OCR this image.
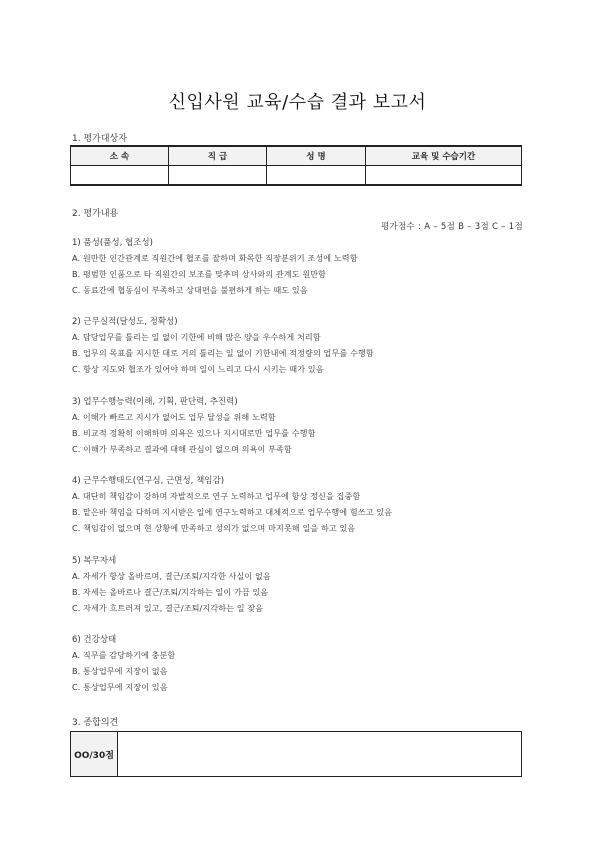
신입사원 교육/수습 결과 보고서
1. 평가대상자
소 속	직 급	성 명	교육 및 수습기간

2. 평가내용
평가점수 : A – 5점 B – 3점 C – 1점
1) 품성(품성, 협조성)
A. 원만한 인간관계로 직원간에 협조를 잘하며 화목한 직장분위기 조성에 노력함
B. 평범한 인품으로 타 직원간의 보조를 맞추며 상사와의 관계도 원만함
C. 동료간에 협동심이 부족하고 상대편을 불편하게 하는 때도 있음
2) 근무실적(달성도, 정확성)
A. 담당업무를 틀리는 일 없이 기한에 비해 많은 양을 우수하게 처리함
B. 업무의 목표를 지시한 대로 거의 틀리는 일 없이 기한내에 적정량의 업무를 수행함
C. 항상 지도와 협조가 있어야 하며 일이 느리고 다시 시키는 때가 있음
3) 업무수행능력(이해, 기획, 판단력, 추진력)
A. 이해가 빠르고 지시가 없어도 업무 달성을 위해 노력함
B. 비교적 정확히 이해하며 의욕은 있으나 지시대로만 업무를 수행함
C. 이해가 부족하고 결과에 대해 관심이 없으며 의욕이 부족함
4) 근무수행태도(연구심, 근면성, 책임감)
A. 대단히 책임감이 강하며 자발적으로 연구 노력하고 업무에 항상 정신을 집중함
B. 맡은바 책임을 다하며 지시받은 일에 연구노력하고 대체적으로 업무수행에 힘쓰고 있음
C. 책임감이 없으며 현 상황에 만족하고 성의가 없으며 마지못해 일을 하고 있음
5) 복무자세
A. 자세가 항상 올바르며, 결근/조퇴/지각한 사실이 없음
B. 자세는 올바르나 결근/조퇴/지각하는 일이 가끔 있음
C. 자세가 흐트러져 있고, 결근/조퇴/지각하는 일 잦음
6) 건강상태
A. 직무를 감당하기에 충분함
B. 통상업무에 지장이 없음
C. 통상업무에 지장이 있음
3. 종합의견
OO/30점	
